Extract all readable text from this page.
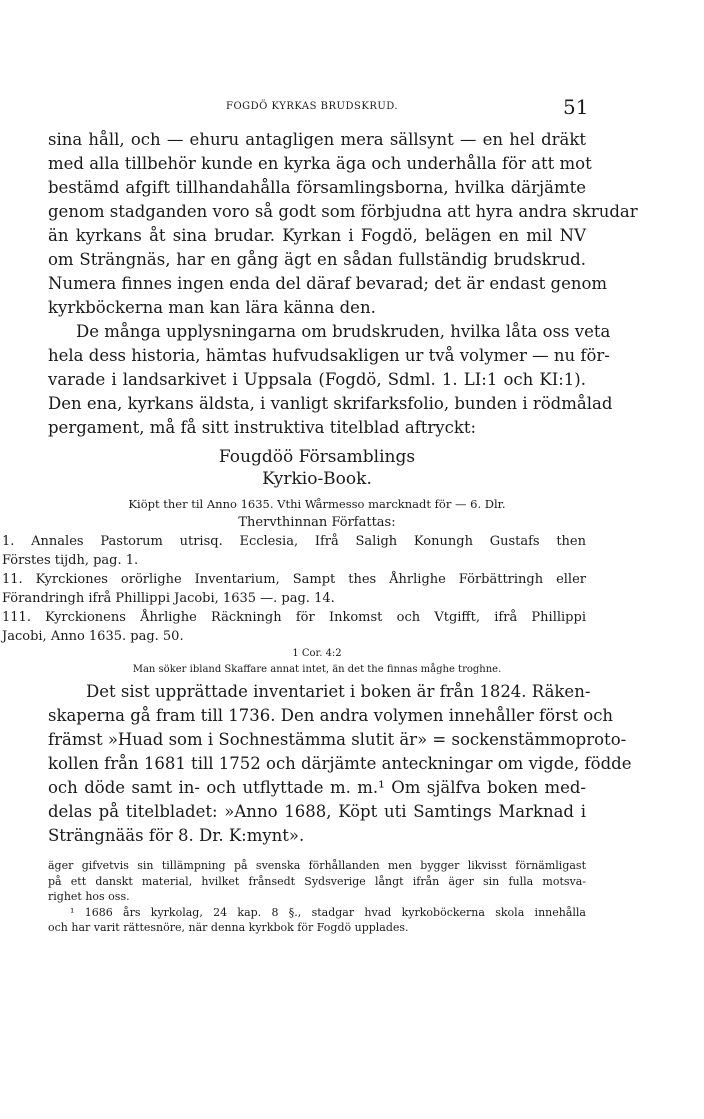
FOGDÖ KYRKAS BRUDSKRUD.	51
sina håll, och — ehuru antagligen mera sällsynt — en hel dräkt
med alla tillbehör kunde en kyrka äga och underhålla för att mot
bestämd afgift tillhandahålla församlingsborna, hvilka därjämte
genom stadganden voro så godt som förbjudna att hyra andra skrudar
än kyrkans åt sina brudar. Kyrkan i Fogdö, belägen en mil NV
om Strängnäs, har en gång ägt en sådan fullständig brudskrud.
Numera finnes ingen enda del däraf bevarad; det är endast genom
kyrkböckerna man kan lära känna den.
De många upplysningarna om brudskruden, hvilka låta oss veta
hela dess historia, hämtas hufvudsakligen ur två volymer — nu för-
varade i landsarkivet i Uppsala (Fogdö, Sdml. 1. LI:1 och KI:1).
Den ena, kyrkans äldsta, i vanligt skrifarksfolio, bunden i rödmålad
pergament, må få sitt instruktiva titelblad aftryckt:
Fougdöö Församblings
Kyrkio-Book.
Kiöpt ther til Anno 1635. Vthi Wårmesso marcknadt för — 6. Dlr.
Thervthinnan Författas:
1. Annales Pastorum utrisq. Ecclesia, Ifrå Saligh Konungh Gustafs then
Förstes tijdh, pag. 1.
11. Kyrckiones orörlighe Inventarium, Sampt thes Åhrlighe Förbättringh eller
Förandringh ifrå Phillippi Jacobi, 1635 —. pag. 14.
111. Kyrckionens Åhrlighe Räckningh för Inkomst och Vtgifft, ifrå Phillippi
Jacobi, Anno 1635. pag. 50.
1 Cor. 4:2
Man söker ibland Skaffare annat intet, än det the finnas måghe troghne.
Det sist upprättade inventariet i boken är från 1824. Räken-
skaperna gå fram till 1736. Den andra volymen innehåller först och
främst »Huad som i Sochnestämma slutit är» = sockenstämmoproto-
kollen från 1681 till 1752 och därjämte anteckningar om vigde, födde
och döde samt in- och utflyttade m. m.¹ Om själfva boken med-
delas på titelbladet: »Anno 1688, Köpt uti Samtings Marknad i
Strängnääs för 8. Dr. K:mynt».
äger gifvetvis sin tillämpning på svenska förhållanden men bygger likvisst förnämligast
på ett danskt material, hvilket frånsedt Sydsverige långt ifrån äger sin fulla motsva-
righet hos oss.
¹ 1686 års kyrkolag, 24 kap. 8 §., stadgar hvad kyrkoböckerna skola innehålla
och har varit rättesnöre, när denna kyrkbok för Fogdö upplades.
